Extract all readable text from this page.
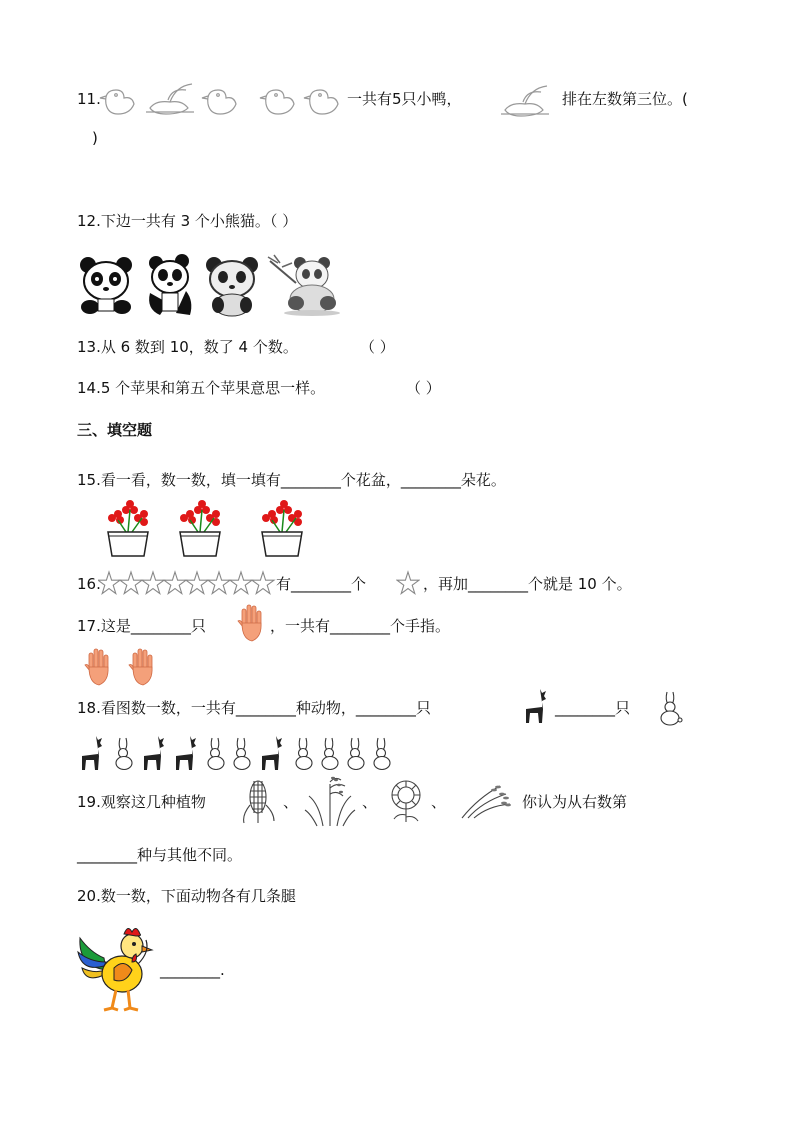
11.	一共有5只小鸭，	排在左数第三位。(
)
12.下边一共有 3 个小熊猫。（ ）
13.从 6 数到 10，数了 4 个数。	（ ）
14.5 个苹果和第五个苹果意思一样。	（ ）
三、填空题
15.看一看，数一数，填一填有________个花盆，________朵花。
16.	有________个	，再加________个就是 10 个。
17.这是________只	，一共有________个手指。
18.看图数一数，一共有________种动物，________只	________只
19.观察这几种植物	、	、	、	你认为从右数第
________种与其他不同。
20.数一数，下面动物各有几条腿
________.
